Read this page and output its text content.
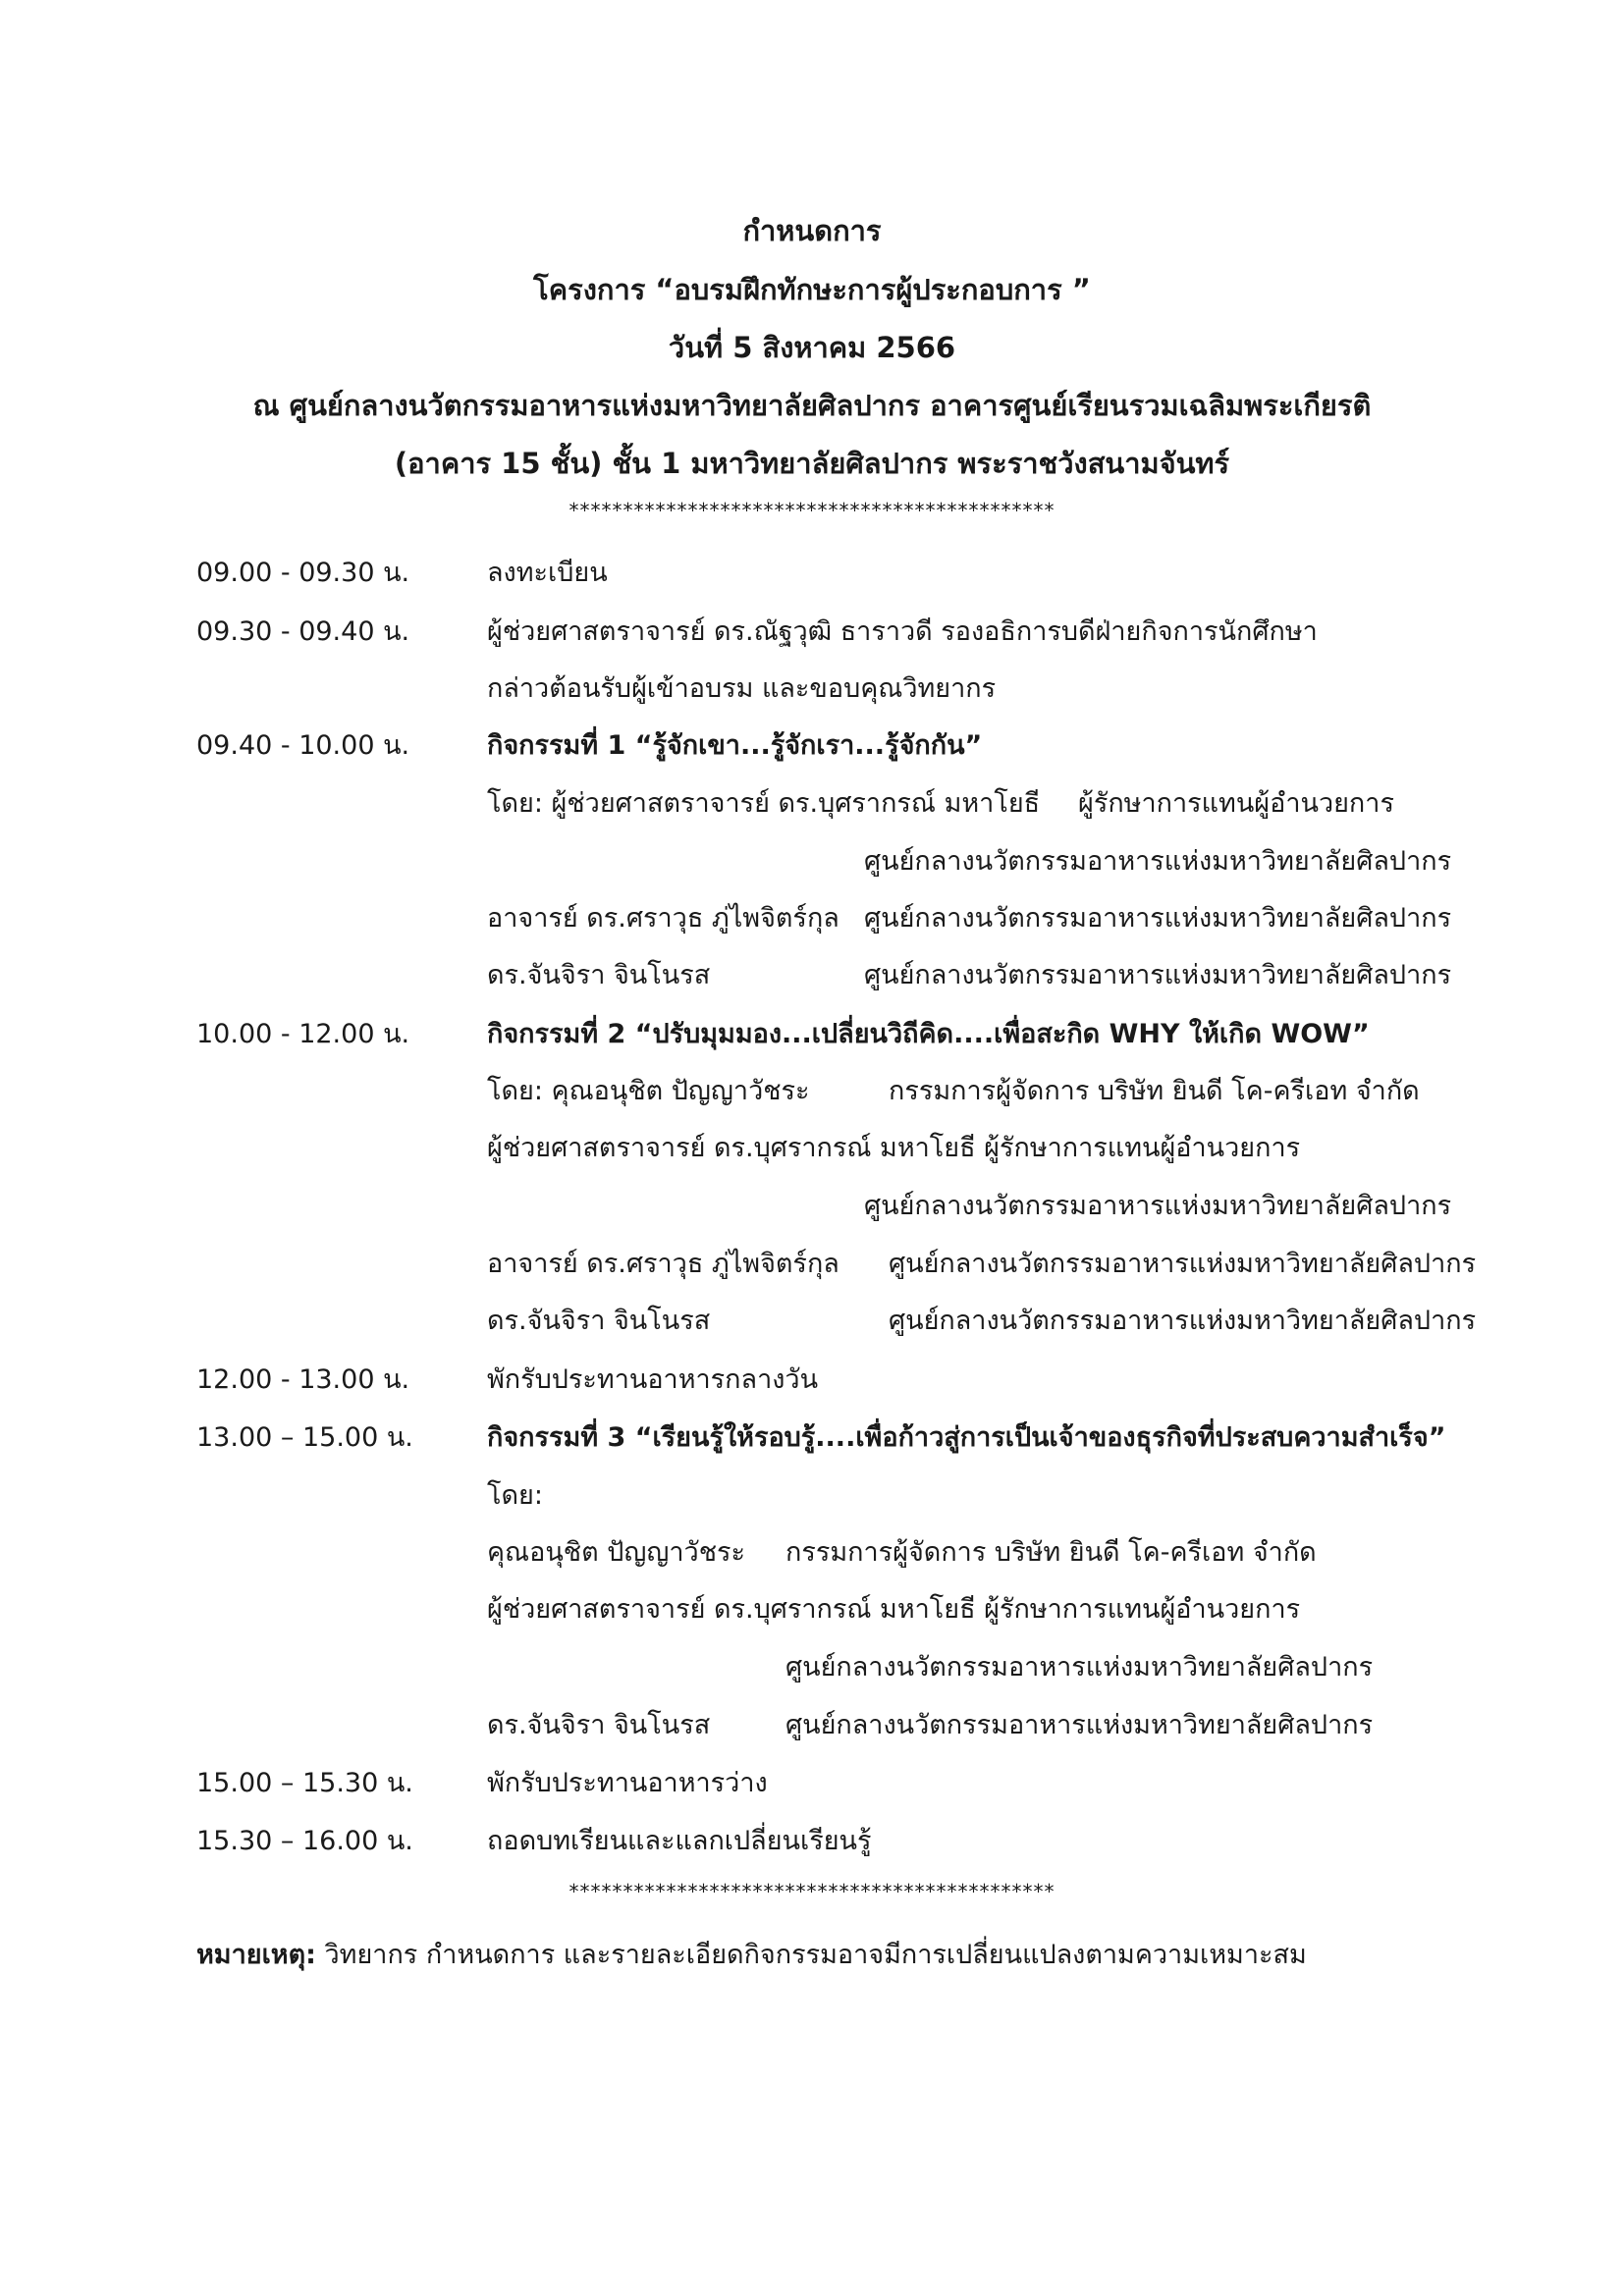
กำหนดการ
โครงการ “อบรมฝึกทักษะการผู้ประกอบการ ”
วันที่ 5 สิงหาคม 2566
ณ ศูนย์กลางนวัตกรรมอาหารแห่งมหาวิทยาลัยศิลปากร อาคารศูนย์เรียนรวมเฉลิมพระเกียรติ
(อาคาร 15 ชั้น) ชั้น 1 มหาวิทยาลัยศิลปากร พระราชวังสนามจันทร์
*********************************************
09.00 - 09.30 น.	ลงทะเบียน
09.30 - 09.40 น.	ผู้ช่วยศาสตราจารย์ ดร.ณัฐวุฒิ ธาราวดี รองอธิการบดีฝ่ายกิจการนักศึกษา
กล่าวต้อนรับผู้เข้าอบรม และขอบคุณวิทยากร
09.40 - 10.00 น.	กิจกรรมที่ 1 “รู้จักเขา...รู้จักเรา...รู้จักกัน”
โดย: ผู้ช่วยศาสตราจารย์ ดร.บุศรากรณ์ มหาโยธี ผู้รักษาการแทนผู้อำนวยการ
ศูนย์กลางนวัตกรรมอาหารแห่งมหาวิทยาลัยศิลปากร
อาจารย์ ดร.ศราวุธ ภู่ไพจิตร์กุล ศูนย์กลางนวัตกรรมอาหารแห่งมหาวิทยาลัยศิลปากร
ดร.จันจิรา จินโนรส	ศูนย์กลางนวัตกรรมอาหารแห่งมหาวิทยาลัยศิลปากร
10.00 - 12.00 น.	กิจกรรมที่ 2 “ปรับมุมมอง...เปลี่ยนวิถีคิด....เพื่อสะกิด WHY ให้เกิด WOW”
โดย: คุณอนุชิต ปัญญาวัชระ	กรรมการผู้จัดการ บริษัท ยินดี โค-ครีเอท จำกัด
ผู้ช่วยศาสตราจารย์ ดร.บุศรากรณ์ มหาโยธี ผู้รักษาการแทนผู้อำนวยการ
ศูนย์กลางนวัตกรรมอาหารแห่งมหาวิทยาลัยศิลปากร
อาจารย์ ดร.ศราวุธ ภู่ไพจิตร์กุล ศูนย์กลางนวัตกรรมอาหารแห่งมหาวิทยาลัยศิลปากร
ดร.จันจิรา จินโนรส	ศูนย์กลางนวัตกรรมอาหารแห่งมหาวิทยาลัยศิลปากร
12.00 - 13.00 น.	พักรับประทานอาหารกลางวัน
13.00 – 15.00 น.	กิจกรรมที่ 3 “เรียนรู้ให้รอบรู้....เพื่อก้าวสู่การเป็นเจ้าของธุรกิจที่ประสบความสำเร็จ”
โดย:
คุณอนุชิต ปัญญาวัชระ กรรมการผู้จัดการ บริษัท ยินดี โค-ครีเอท จำกัด
ผู้ช่วยศาสตราจารย์ ดร.บุศรากรณ์ มหาโยธี ผู้รักษาการแทนผู้อำนวยการ
ศูนย์กลางนวัตกรรมอาหารแห่งมหาวิทยาลัยศิลปากร
ดร.จันจิรา จินโนรส	ศูนย์กลางนวัตกรรมอาหารแห่งมหาวิทยาลัยศิลปากร
15.00 – 15.30 น.	พักรับประทานอาหารว่าง
15.30 – 16.00 น.	ถอดบทเรียนและแลกเปลี่ยนเรียนรู้
*********************************************
หมายเหตุ: วิทยากร กำหนดการ และรายละเอียดกิจกรรมอาจมีการเปลี่ยนแปลงตามความเหมาะสม
